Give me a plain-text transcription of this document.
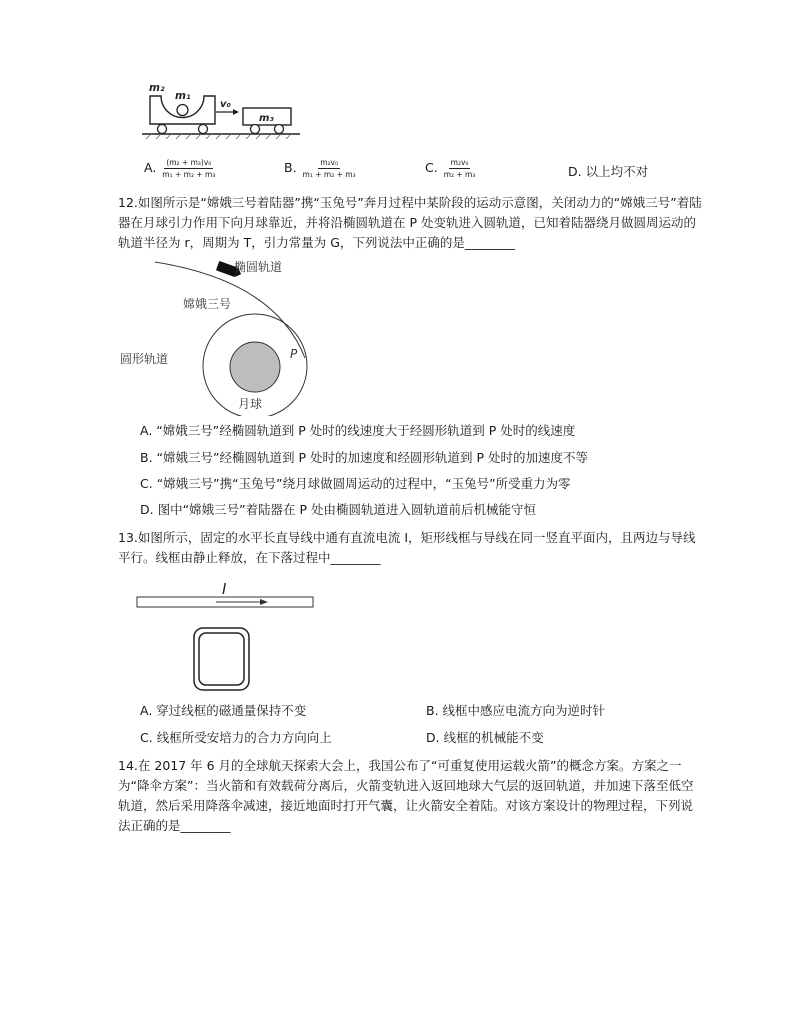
m₂
m₁
v₀
m₃
A. $\frac{\text{(m₂ + m₃)v₀}}{\text{m₁ + m₂ + m₃}}$	B. $\frac{\text{m₂v₀}}{\text{m₁ + m₂ + m₃}}$	C. $\frac{\text{m₂v₀}}{\text{m₂ + m₃}}$	D. 以上均不对
12.如图所示是“嫦娥三号着陆器”携“玉兔号”奔月过程中某阶段的运动示意图，关闭动力的“嫦娥三号”着陆器在月球引力作用下向月球靠近，并将沿椭圆轨道在 P 处变轨进入圆轨道，已知着陆器绕月做圆周运动的轨道半径为 r，周期为 T，引力常量为 G，下列说法中正确的是________
椭圆轨道
嫦娥三号
圆形轨道	P
月球
A. “嫦娥三号”经椭圆轨道到 P 处时的线速度大于经圆形轨道到 P 处时的线速度
B. “嫦娥三号”经椭圆轨道到 P 处时的加速度和经圆形轨道到 P 处时的加速度不等
C. “嫦娥三号”携“玉兔号”绕月球做圆周运动的过程中，“玉兔号”所受重力为零
D. 图中“嫦娥三号”着陆器在 P 处由椭圆轨道进入圆轨道前后机械能守恒
13.如图所示，固定的水平长直导线中通有直流电流 I，矩形线框与导线在同一竖直平面内，且两边与导线平行。线框由静止释放，在下落过程中________
I
A. 穿过线框的磁通量保持不变	B. 线框中感应电流方向为逆时针
C. 线框所受安培力的合力方向向上	D. 线框的机械能不变
14.在 2017 年 6 月的全球航天探索大会上，我国公布了“可重复使用运载火箭”的概念方案。方案之一为“降伞方案”：当火箭和有效载荷分离后，火箭变轨进入返回地球大气层的返回轨道，并加速下落至低空轨道，然后采用降落伞减速，接近地面时打开气囊，让火箭安全着陆。对该方案设计的物理过程，下列说法正确的是________
